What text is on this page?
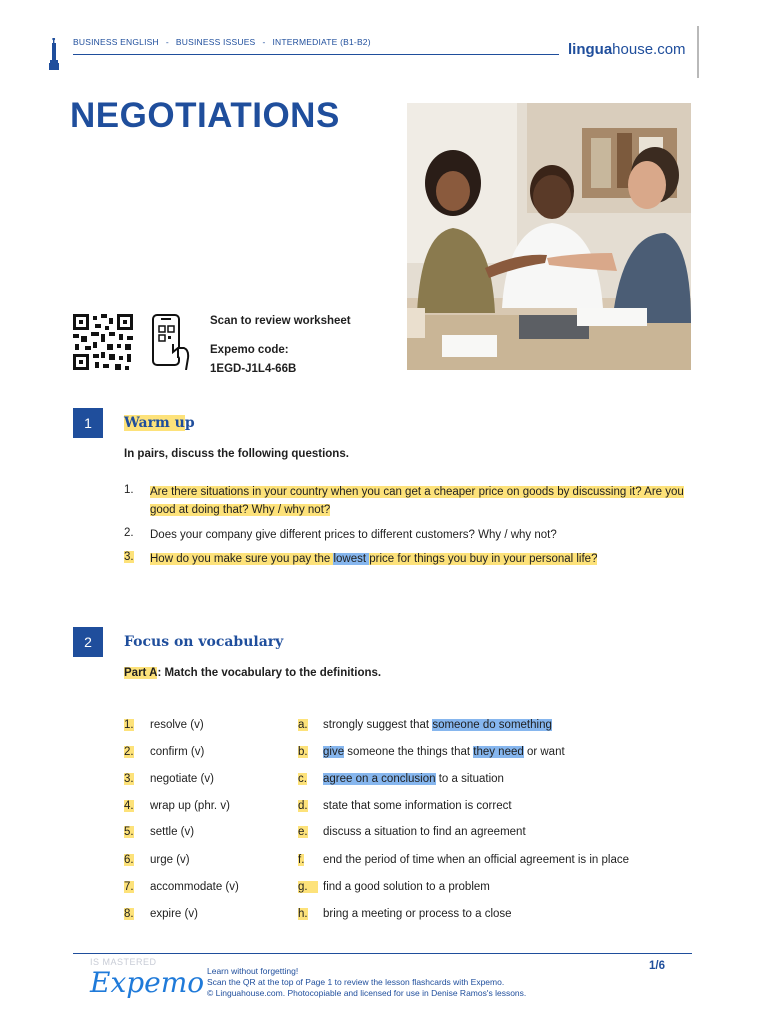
BUSINESS ENGLISH - BUSINESS ISSUES - INTERMEDIATE (B1-B2)	linguahouse.com
NEGOTIATIONS
Scan to review worksheet
Expemo code:
1EGD-J1L4-66B
1	Warm up
In pairs, discuss the following questions.
1. Are there situations in your country when you can get a cheaper price on goods by discussing it? Are you good at doing that? Why / why not?
2. Does your company give different prices to different customers? Why / why not?
3. How do you make sure you pay the lowest price for things you buy in your personal life?
2	Focus on vocabulary
Part A: Match the vocabulary to the definitions.
1. resolve (v)	a. strongly suggest that someone do something
2. confirm (v)	b. give someone the things that they need or want
3. negotiate (v)	c. agree on a conclusion to a situation
4. wrap up (phr. v)	d. state that some information is correct
5. settle (v)	e. discuss a situation to find an agreement
6. urge (v)	f. end the period of time when an official agreement is in place
7. accommodate (v)	g.	find a good solution to a problem
8. expire (v)	h. bring a meeting or process to a close
IS MASTERED
Expemo Learn without forgetting!
Scan the QR at the top of Page 1 to review the lesson flashcards with Expemo.
© Linguahouse.com. Photocopiable and licensed for use in Denise Ramos's lessons.
1/6
